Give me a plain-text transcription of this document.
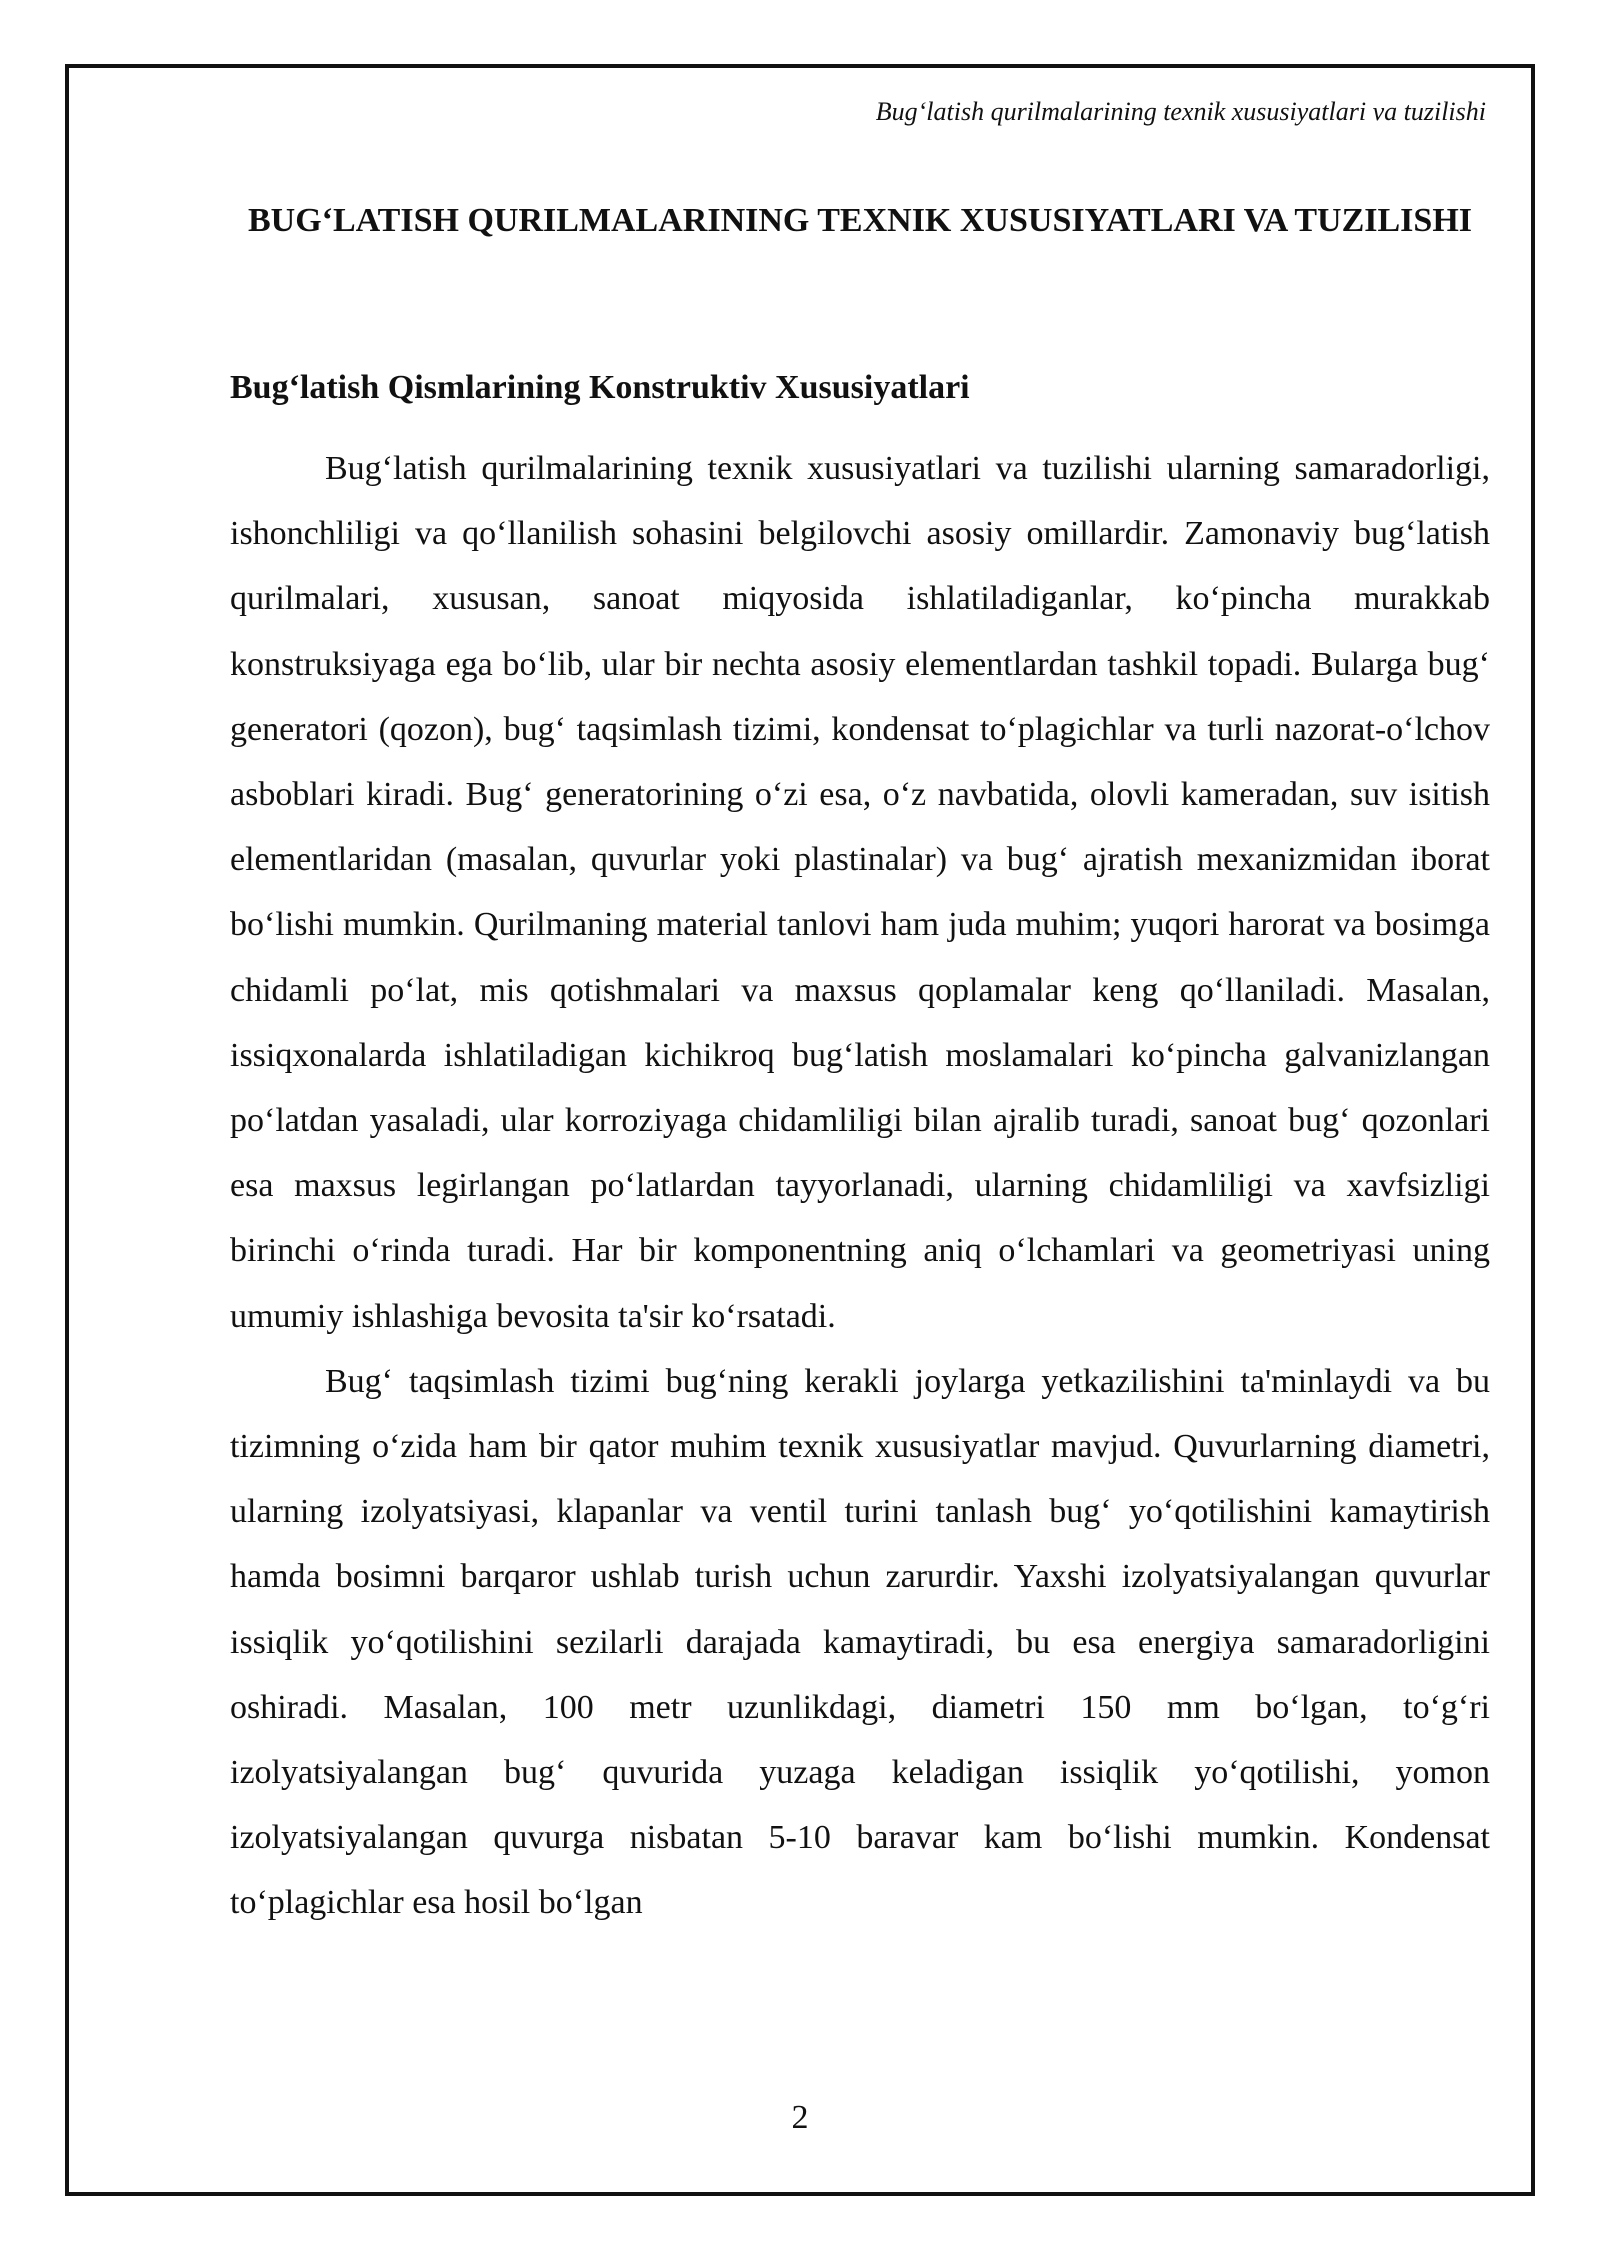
Bug‘latish qurilmalarining texnik xususiyatlari va tuzilishi
BUG‘LATISH QURILMALARINING TEXNIK XUSUSIYATLARI VA TUZILISHI
Bug‘latish Qismlarining Konstruktiv Xususiyatlari

Bug‘latish qurilmalarining texnik xususiyatlari va tuzilishi ularning samaradorligi, ishonchliligi va qo‘llanilish sohasini belgilovchi asosiy omillardir. Zamonaviy bug‘latish qurilmalari, xususan, sanoat miqyosida ishlatiladiganlar, ko‘pincha murakkab konstruksiyaga ega bo‘lib, ular bir nechta asosiy elementlardan tashkil topadi. Bularga bug‘ generatori (qozon), bug‘ taqsimlash tizimi, kondensat to‘plagichlar va turli nazorat-o‘lchov asboblari kiradi. Bug‘ generatorining o‘zi esa, o‘z navbatida, olovli kameradan, suv isitish elementlaridan (masalan, quvurlar yoki plastinalar) va bug‘ ajratish mexanizmidan iborat bo‘lishi mumkin. Qurilmaning material tanlovi ham juda muhim; yuqori harorat va bosimga chidamli po‘lat, mis qotishmalari va maxsus qoplamalar keng qo‘llaniladi. Masalan, issiqxonalarda ishlatiladigan kichikroq bug‘latish moslamalari ko‘pincha galvanizlangan po‘latdan yasaladi, ular korroziyaga chidamliligi bilan ajralib turadi, sanoat bug‘ qozonlari esa maxsus legirlangan po‘latlardan tayyorlanadi, ularning chidamliligi va xavfsizligi birinchi o‘rinda turadi. Har bir komponentning aniq o‘lchamlari va geometriyasi uning umumiy ishlashiga bevosita ta'sir ko‘rsatadi.

Bug‘ taqsimlash tizimi bug‘ning kerakli joylarga yetkazilishini ta'minlaydi va bu tizimning o‘zida ham bir qator muhim texnik xususiyatlar mavjud. Quvurlarning diametri, ularning izolyatsiyasi, klapanlar va ventil turini tanlash bug‘ yo‘qotilishini kamaytirish hamda bosimni barqaror ushlab turish uchun zarurdir. Yaxshi izolyatsiyalangan quvurlar issiqlik yo‘qotilishini sezilarli darajada kamaytiradi, bu esa energiya samaradorligini oshiradi. Masalan, 100 metr uzunlikdagi, diametri 150 mm bo‘lgan, to‘g‘ri izolyatsiyalangan bug‘ quvurida yuzaga keladigan issiqlik yo‘qotilishi, yomon izolyatsiyalangan quvurga nisbatan 5-10 baravar kam bo‘lishi mumkin. Kondensat to‘plagichlar esa hosil bo‘lgan

2
